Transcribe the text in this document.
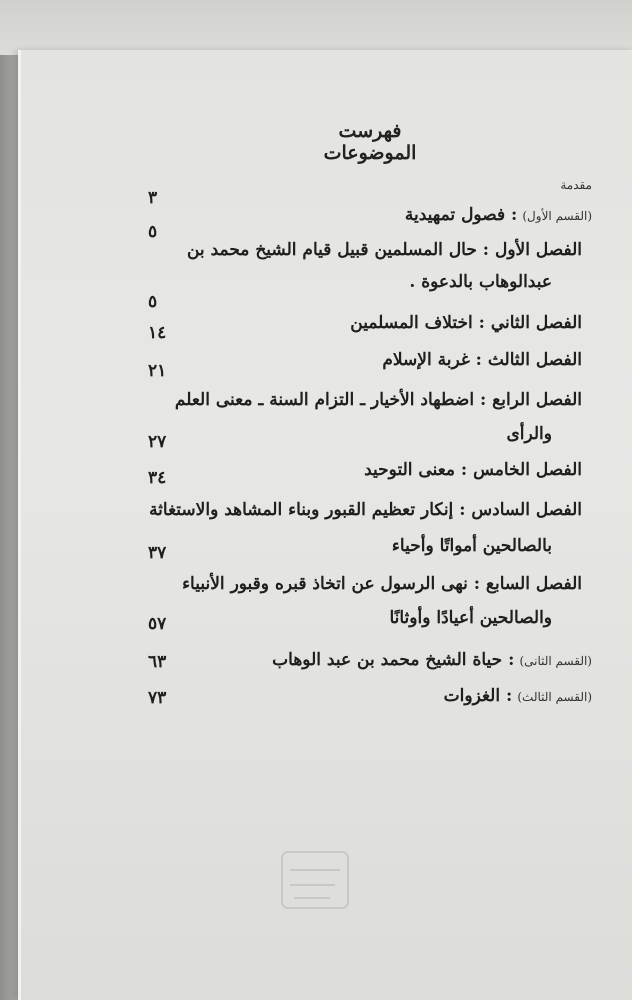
فهرست الموضوعات
مقدمة
٣
(القسم الأول) : فصول تمهيدية
٥
الفصل الأول : حال المسلمين قبيل قيام الشيخ محمد بن
عبدالوهاب بالدعوة .
٥
الفصل الثاني : اختلاف المسلمين
١٤
الفصل الثالث : غربة الإسلام
٢١
الفصل الرابع : اضطهاد الأخيار ـ التزام السنة ـ معنى العلم
والرأى
٢٧
الفصل الخامس : معنى التوحيد
٣٤
الفصل السادس : إنكار تعظيم القبور وبناء المشاهد والاستغاثة
بالصالحين أمواتًا وأحياء
٣٧
الفصل السابع : نهى الرسول عن اتخاذ قبره وقبور الأنبياء
والصالحين أعيادًا وأوثانًا
٥٧
(القسم الثانى) : حياة الشيخ محمد بن عبد الوهاب
٦٣
(القسم الثالث) : الغزوات
٧٣
